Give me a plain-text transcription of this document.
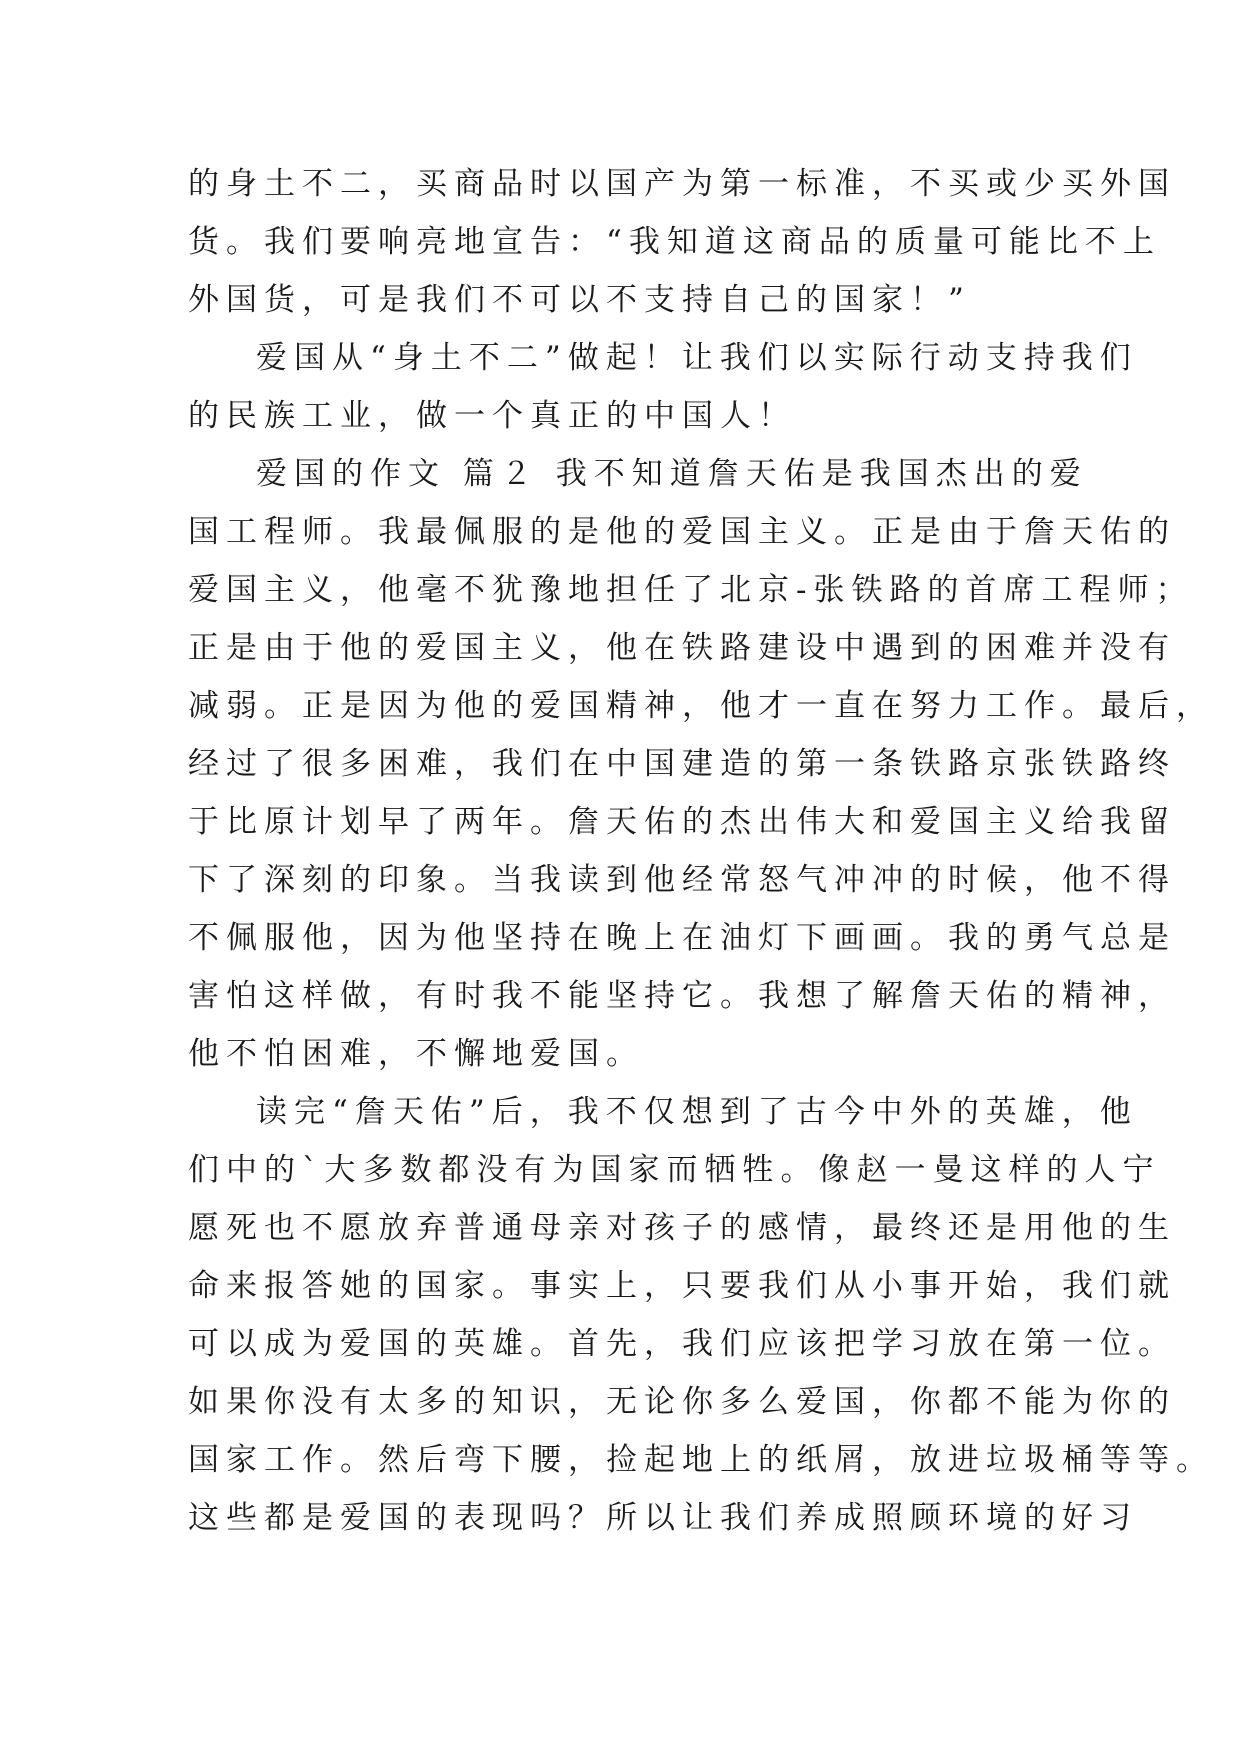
的身土不二，买商品时以国产为第一标准，不买或少买外国
货。我们要响亮地宣告：“我知道这商品的质量可能比不上
外国货，可是我们不可以不支持自己的国家！”
爱国从“身土不二”做起！让我们以实际行动支持我们
的民族工业，做一个真正的中国人！
爱国的作文 篇２ 我不知道詹天佑是我国杰出的爱
国工程师。我最佩服的是他的爱国主义。正是由于詹天佑的
爱国主义，他毫不犹豫地担任了北京-张铁路的首席工程师；
正是由于他的爱国主义，他在铁路建设中遇到的困难并没有
减弱。正是因为他的爱国精神，他才一直在努力工作。最后，
经过了很多困难，我们在中国建造的第一条铁路京张铁路终
于比原计划早了两年。詹天佑的杰出伟大和爱国主义给我留
下了深刻的印象。当我读到他经常怒气冲冲的时候，他不得
不佩服他，因为他坚持在晚上在油灯下画画。我的勇气总是
害怕这样做，有时我不能坚持它。我想了解詹天佑的精神，
他不怕困难，不懈地爱国。
读完“詹天佑”后，我不仅想到了古今中外的英雄，他
们中的`大多数都没有为国家而牺牲。像赵一曼这样的人宁
愿死也不愿放弃普通母亲对孩子的感情，最终还是用他的生
命来报答她的国家。事实上，只要我们从小事开始，我们就
可以成为爱国的英雄。首先，我们应该把学习放在第一位。
如果你没有太多的知识，无论你多么爱国，你都不能为你的
国家工作。然后弯下腰，捡起地上的纸屑，放进垃圾桶等等。
这些都是爱国的表现吗？所以让我们养成照顾环境的好习
